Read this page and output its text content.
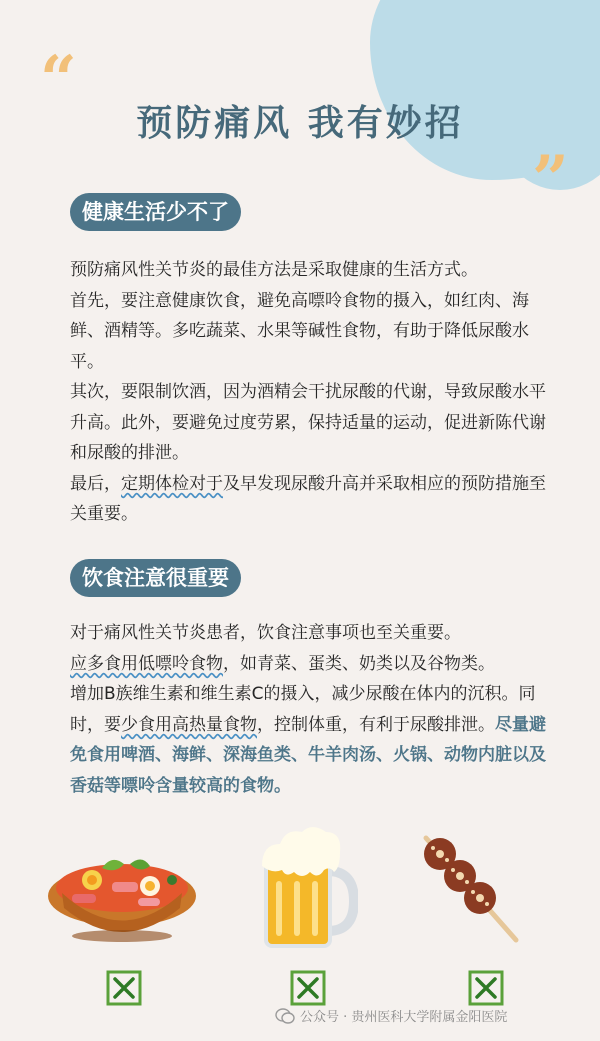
“
”
预防痛风 我有妙招
健康生活少不了

预防痛风性关节炎的最佳方法是采取健康的生活方式。

首先，要注意健康饮食，避免高嘌呤食物的摄入，如红肉、海鲜、酒精等。多吃蔬菜、水果等碱性食物，有助于降低尿酸水平。

其次，要限制饮酒，因为酒精会干扰尿酸的代谢，导致尿酸水平升高。此外，要避免过度劳累，保持适量的运动，促进新陈代谢和尿酸的排泄。

最后，定期体检对于及早发现尿酸升高并采取相应的预防措施至关重要。

饮食注意很重要

对于痛风性关节炎患者，饮食注意事项也至关重要。

应多食用低嘌呤食物，如青菜、蛋类、奶类以及谷物类。

增加B族维生素和维生素C的摄入，减少尿酸在体内的沉积。同时，要少食用高热量食物，控制体重，有利于尿酸排泄。尽量避免食用啤酒、海鲜、深海鱼类、牛羊肉汤、火锅、动物内脏以及香菇等嘌呤含量较高的食物。

公众号 · 贵州医科大学附属金阳医院
